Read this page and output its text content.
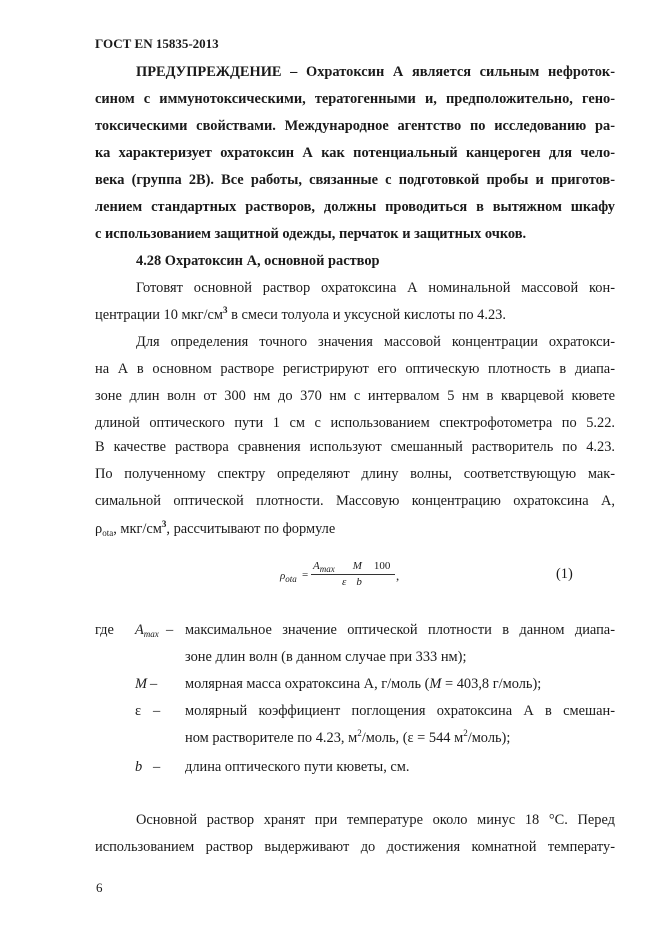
ГОСТ EN 15835-2013
ПРЕДУПРЕЖДЕНИЕ – Охратоксин А является сильным нефроток-
сином с иммунотоксическими, тератогенными и, предположительно, гено-
токсическими свойствами. Международное агентство по исследованию ра-
ка характеризует охратоксин А как потенциальный канцероген для чело-
века (группа 2В). Все работы, связанные с подготовкой пробы и приготов-
лением стандартных растворов, должны проводиться в вытяжном шкафу
с использованием защитной одежды, перчаток и защитных очков.
4.28 Охратоксин А, основной раствор
Готовят основной раствор охратоксина А номинальной массовой кон-
центрации 10 мкг/$см^3$ в смеси толуола и уксусной кислоты по 4.23.
Для определения точного значения массовой концентрации охратокси-
на А в основном растворе регистрируют его оптическую плотность в диапа-
зоне длин волн от 300 нм до 370 нм с интервалом 5 нм в кварцевой кювете
длиной оптического пути 1 см с использованием спектрофотометра по 5.22.
В качестве раствора сравнения используют смешанный растворитель по 4.23.
По полученному спектру определяют длину волны, соответствующую мак-
симальной оптической плотности. Массовую концентрацию охратоксина А,
$\rho_{ota}$, мкг/$см^3$, рассчитывают по формуле
$\rho_{ota}$ =
$A_{max}$ M 100
ε b	,	(1)
где $A_{max}$ – максимальное значение оптической плотности в данном диапа-
зоне длин волн (в данном случае при 333 нм);
M – молярная масса охратоксина А, г/моль (M = 403,8 г/моль);
ε – молярный коэффициент поглощения охратоксина А в смешан-
ном растворителе по 4.23, $м^2$/моль, (ε = 544 $м^2/моль$);
b – длина оптического пути кюветы, см.
Основной раствор хранят при температуре около минус 18 °С. Перед
использованием раствор выдерживают до достижения комнатной температу-
6
